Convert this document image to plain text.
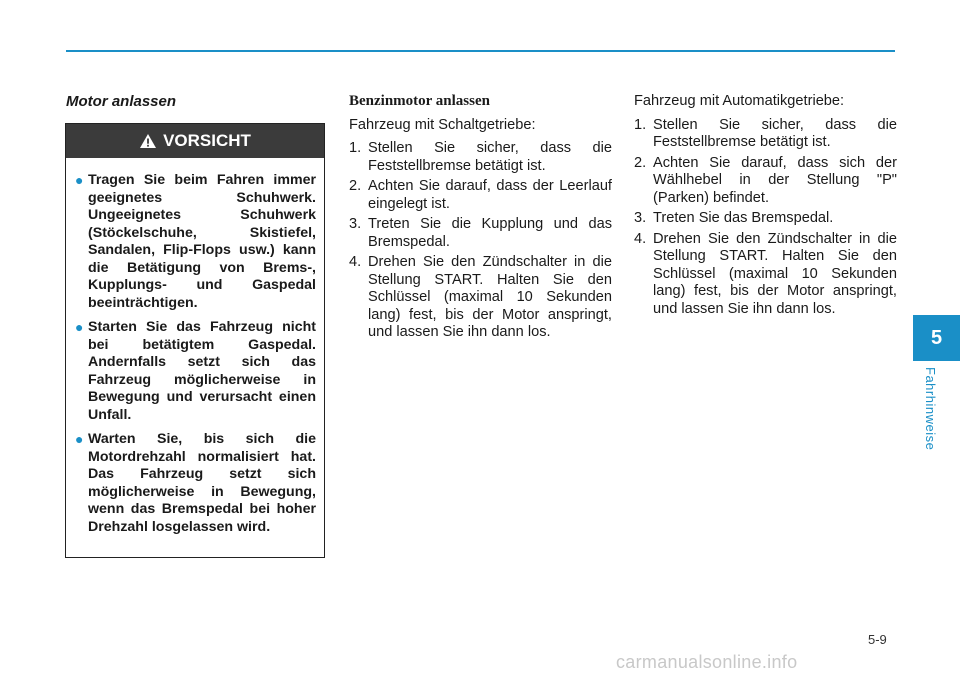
Motor anlassen
VORSICHT
● Tragen Sie beim Fahren immer geeignetes Schuhwerk. Ungeeignetes Schuhwerk (Stöckelschuhe, Skistiefel, Sandalen, Flip-Flops usw.) kann die Betätigung von Brems-, Kupplungs- und Gaspedal beeinträchtigen.
● Starten Sie das Fahrzeug nicht bei betätigtem Gaspedal. Andernfalls setzt sich das Fahrzeug möglicherweise in Bewegung und verursacht einen Unfall.
● Warten Sie, bis sich die Motordrehzahl normalisiert hat. Das Fahrzeug setzt sich möglicherweise in Bewegung, wenn das Bremspedal bei hoher Drehzahl losgelassen wird.
Benzinmotor anlassen

Fahrzeug mit Schaltgetriebe:

1. Stellen Sie sicher, dass die Feststellbremse betätigt ist.
2. Achten Sie darauf, dass der Leerlauf eingelegt ist.
3. Treten Sie die Kupplung und das Bremspedal.
4. Drehen Sie den Zündschalter in die Stellung START. Halten Sie den Schlüssel (maximal 10 Sekunden lang) fest, bis der Motor anspringt, und lassen Sie ihn dann los.

Fahrzeug mit Automatikgetriebe:

1. Stellen Sie sicher, dass die Feststellbremse betätigt ist.
2. Achten Sie darauf, dass sich der Wählhebel in der Stellung "P" (Parken) befindet.
3. Treten Sie das Bremspedal.
4. Drehen Sie den Zündschalter in die Stellung START. Halten Sie den Schlüssel (maximal 10 Sekunden lang) fest, bis der Motor anspringt, und lassen Sie ihn dann los.
5
Fahrhinweise
5-9
carmanualsonline.info
